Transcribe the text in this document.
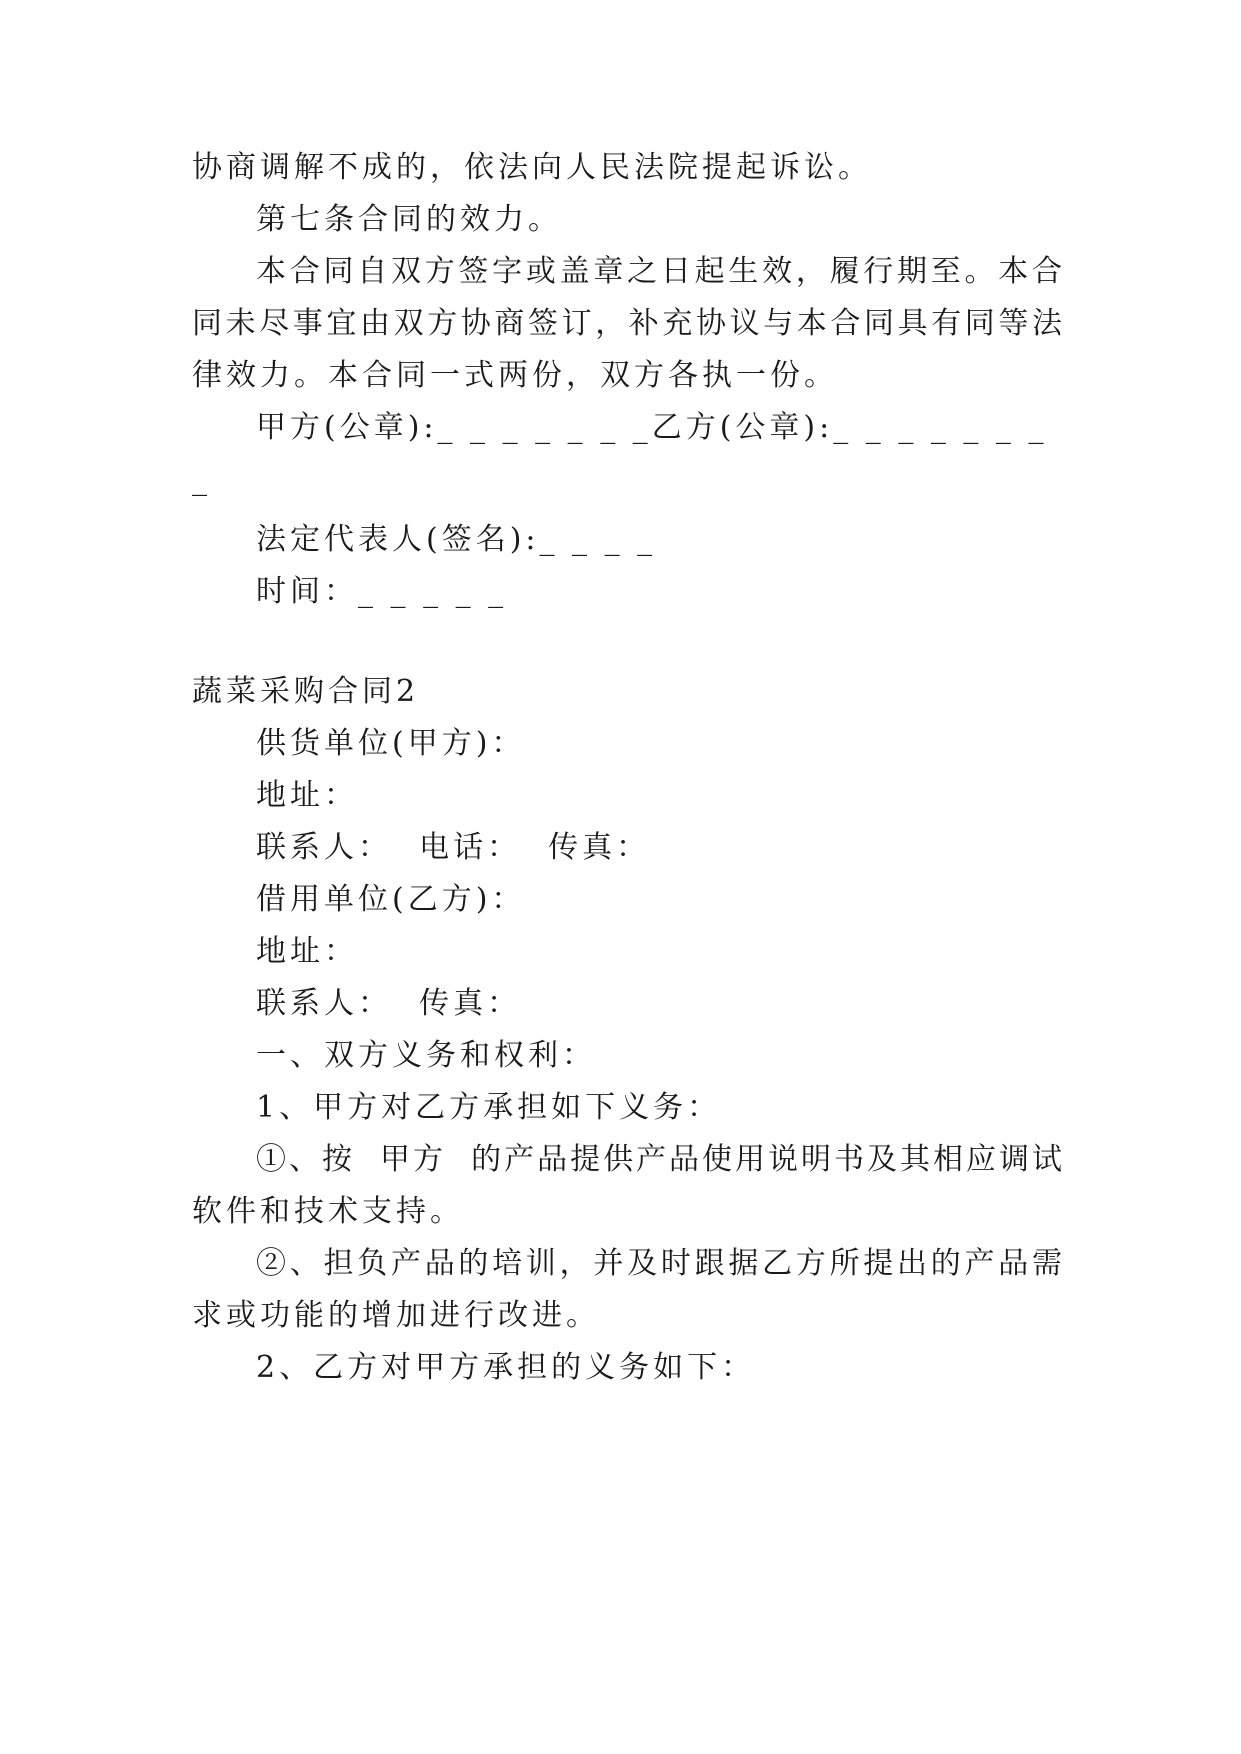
协商调解不成的，依法向人民法院提起诉讼。
第七条合同的效力。
本合同自双方签字或盖章之日起生效，履行期至。本合
同未尽事宜由双方协商签订，补充协议与本合同具有同等法
律效力。本合同一式两份，双方各执一份。
甲方(公章):_ _ _ _ _ _ _乙方(公章):_ _ _ _ _ _ _
_
法定代表人(签名):_ _ _ _
时间：_ _ _ _ _
蔬菜采购合同2
供货单位(甲方)：
地址：
联系人：  电话：  传真：
借用单位(乙方)：
地址：
联系人：  传真：
一、双方义务和权利：
1、甲方对乙方承担如下义务：
①、按  甲方  的产品提供产品使用说明书及其相应调试
软件和技术支持。
②、担负产品的培训，并及时跟据乙方所提出的产品需
求或功能的增加进行改进。
2、乙方对甲方承担的义务如下：
